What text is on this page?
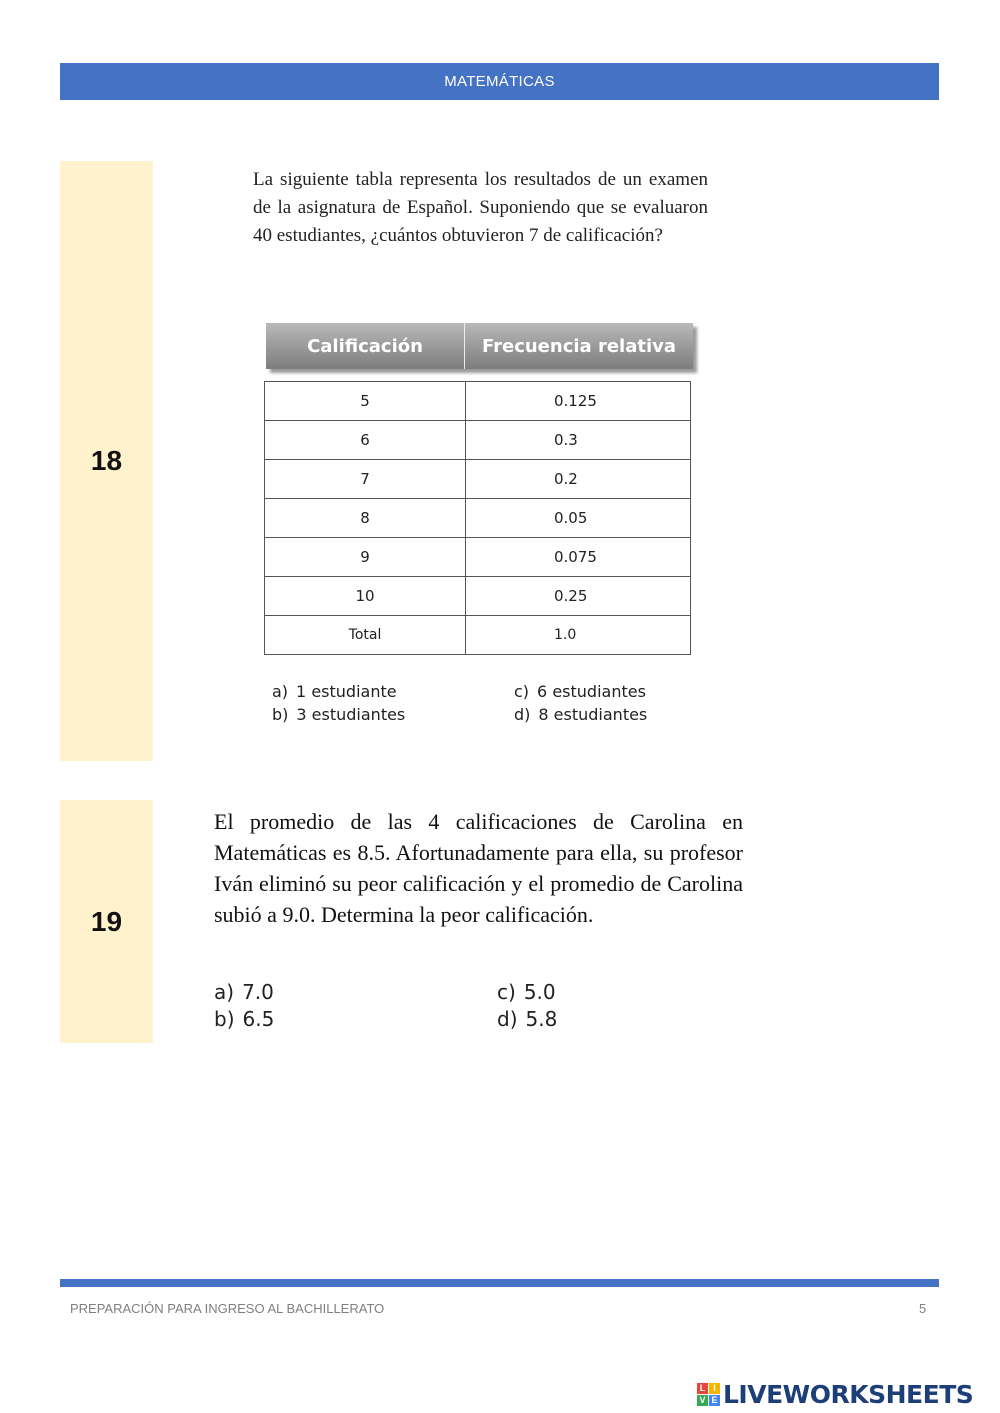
MATEMÁTICAS
18
La siguiente tabla representa los resultados de un examen de la asignatura de Español. Suponiendo que se evaluaron 40 estudiantes, ¿cuántos obtuvieron 7 de calificación?
Calificación	Frecuencia relativa
5	0.125
6	0.3
7	0.2
8	0.05
9	0.075
10	0.25
Total	1.0
a) 1 estudiante
b) 3 estudiantes
c) 6 estudiantes
d) 8 estudiantes
19
El promedio de las 4 calificaciones de Carolina en Matemáticas es 8.5. Afortunadamente para ella, su profesor Iván eliminó su peor calificación y el promedio de Carolina subió a 9.0. Determina la peor calificación.
a) 7.0
b) 6.5
c) 5.0
d) 5.8
PREPARACIÓN PARA INGRESO AL BACHILLERATO	5
L I
V E LIVEWORKSHEETS
